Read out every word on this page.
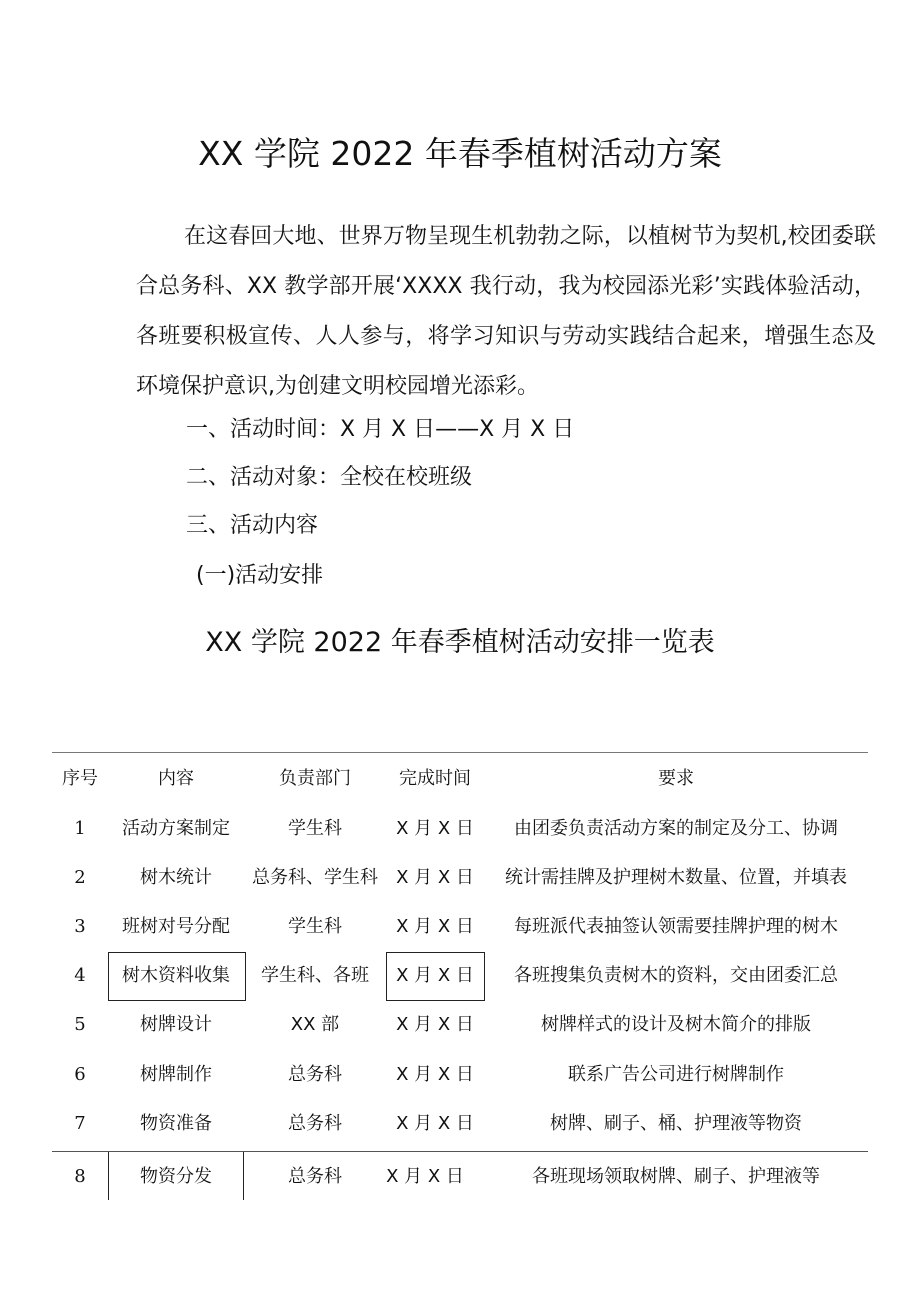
XX 学院 2022 年春季植树活动方案

在这春回大地、世界万物呈现生机勃勃之际，以植树节为契机,校团委联合总务科、XX 教学部开展‘XXXX 我行动，我为校园添光彩’实践体验活动，各班要积极宣传、人人参与，将学习知识与劳动实践结合起来，增强生态及环境保护意识,为创建文明校园增光添彩。

一、活动时间：X 月 X 日——X 月 X 日

二、活动对象：全校在校班级

三、活动内容

(一)活动安排

XX 学院 2022 年春季植树活动安排一览表
序号	内容	负责部门	完成时间	要求
1	活动方案制定	学生科	X 月 X 日	由团委负责活动方案的制定及分工、协调
2	树木统计	总务科、学生科	X 月 X 日	统计需挂牌及护理树木数量、位置，并填表
3	班树对号分配	学生科	X 月 X 日	每班派代表抽签认领需要挂牌护理的树木
4	树木资料收集	学生科、各班	X 月 X 日	各班搜集负责树木的资料，交由团委汇总
5	树牌设计	XX 部	X 月 X 日	树牌样式的设计及树木简介的排版
6	树牌制作	总务科	X 月 X 日	联系广告公司进行树牌制作
7	物资准备	总务科	X 月 X 日	树牌、刷子、桶、护理液等物资
8	物资分发	总务科	X 月 X 日	各班现场领取树牌、刷子、护理液等
